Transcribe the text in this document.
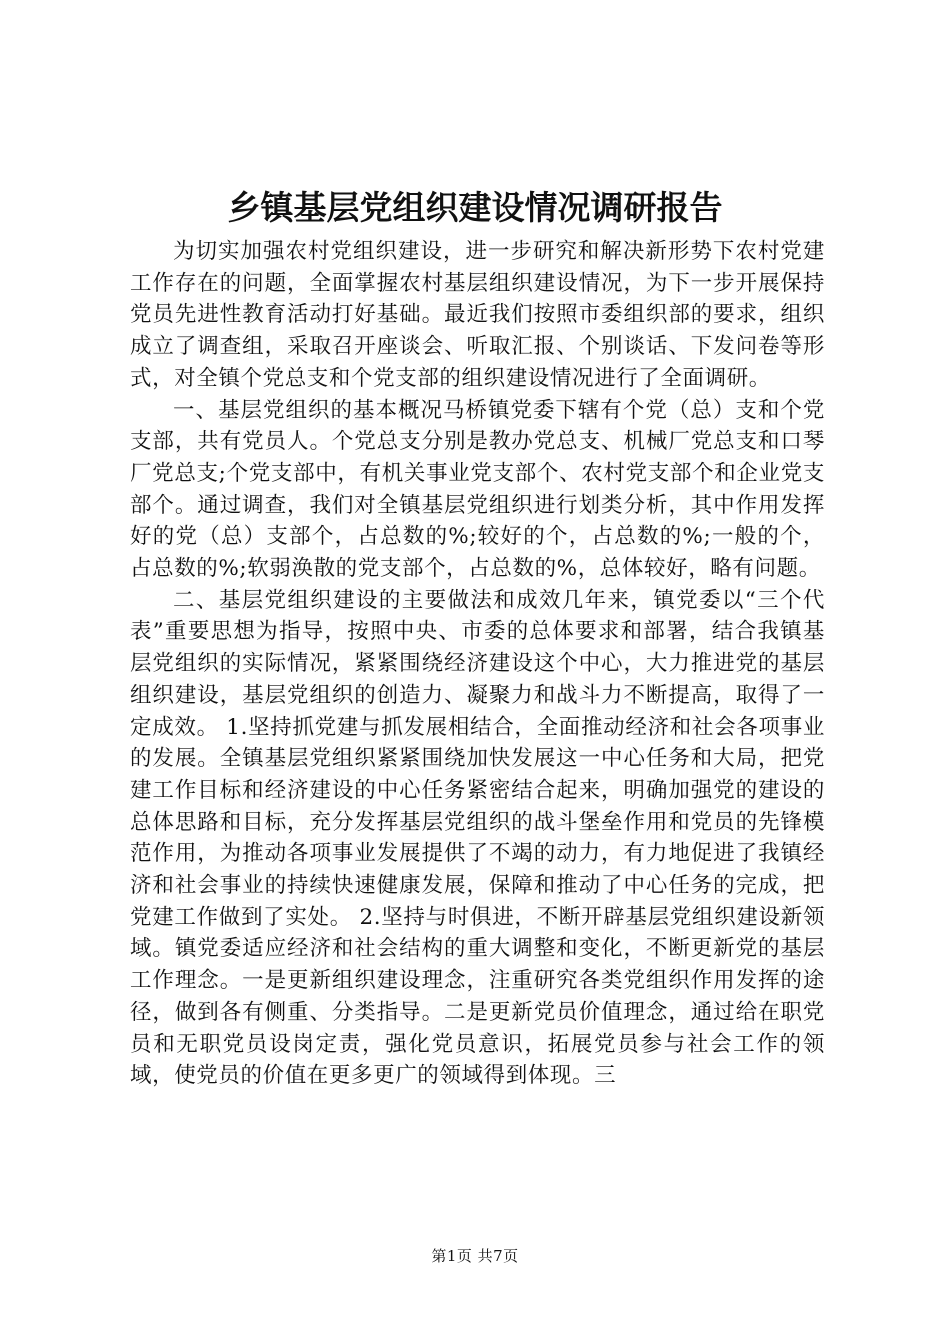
乡镇基层党组织建设情况调研报告

为切实加强农村党组织建设，进一步研究和解决新形势下农村党建工作存在的问题，全面掌握农村基层组织建设情况，为下一步开展保持党员先进性教育活动打好基础。最近我们按照市委组织部的要求，组织成立了调查组，采取召开座谈会、听取汇报、个别谈话、下发问卷等形式，对全镇个党总支和个党支部的组织建设情况进行了全面调研。

一、基层党组织的基本概况马桥镇党委下辖有个党（总）支和个党支部，共有党员人。个党总支分别是教办党总支、机械厂党总支和口琴厂党总支;个党支部中，有机关事业党支部个、农村党支部个和企业党支部个。通过调查，我们对全镇基层党组织进行划类分析，其中作用发挥好的党（总）支部个，占总数的%;较好的个，占总数的%;一般的个，占总数的%;软弱涣散的党支部个，占总数的%，总体较好，略有问题。

二、基层党组织建设的主要做法和成效几年来，镇党委以“三个代表”重要思想为指导，按照中央、市委的总体要求和部署，结合我镇基层党组织的实际情况，紧紧围绕经济建设这个中心，大力推进党的基层组织建设，基层党组织的创造力、凝聚力和战斗力不断提高，取得了一定成效。 1.坚持抓党建与抓发展相结合，全面推动经济和社会各项事业的发展。全镇基层党组织紧紧围绕加快发展这一中心任务和大局，把党建工作目标和经济建设的中心任务紧密结合起来，明确加强党的建设的总体思路和目标，充分发挥基层党组织的战斗堡垒作用和党员的先锋模范作用，为推动各项事业发展提供了不竭的动力，有力地促进了我镇经济和社会事业的持续快速健康发展，保障和推动了中心任务的完成，把党建工作做到了实处。 2.坚持与时俱进，不断开辟基层党组织建设新领域。镇党委适应经济和社会结构的重大调整和变化，不断更新党的基层工作理念。一是更新组织建设理念，注重研究各类党组织作用发挥的途径，做到各有侧重、分类指导。二是更新党员价值理念，通过给在职党员和无职党员设岗定责，强化党员意识，拓展党员参与社会工作的领域，使党员的价值在更多更广的领域得到体现。三

第1页 共7页
